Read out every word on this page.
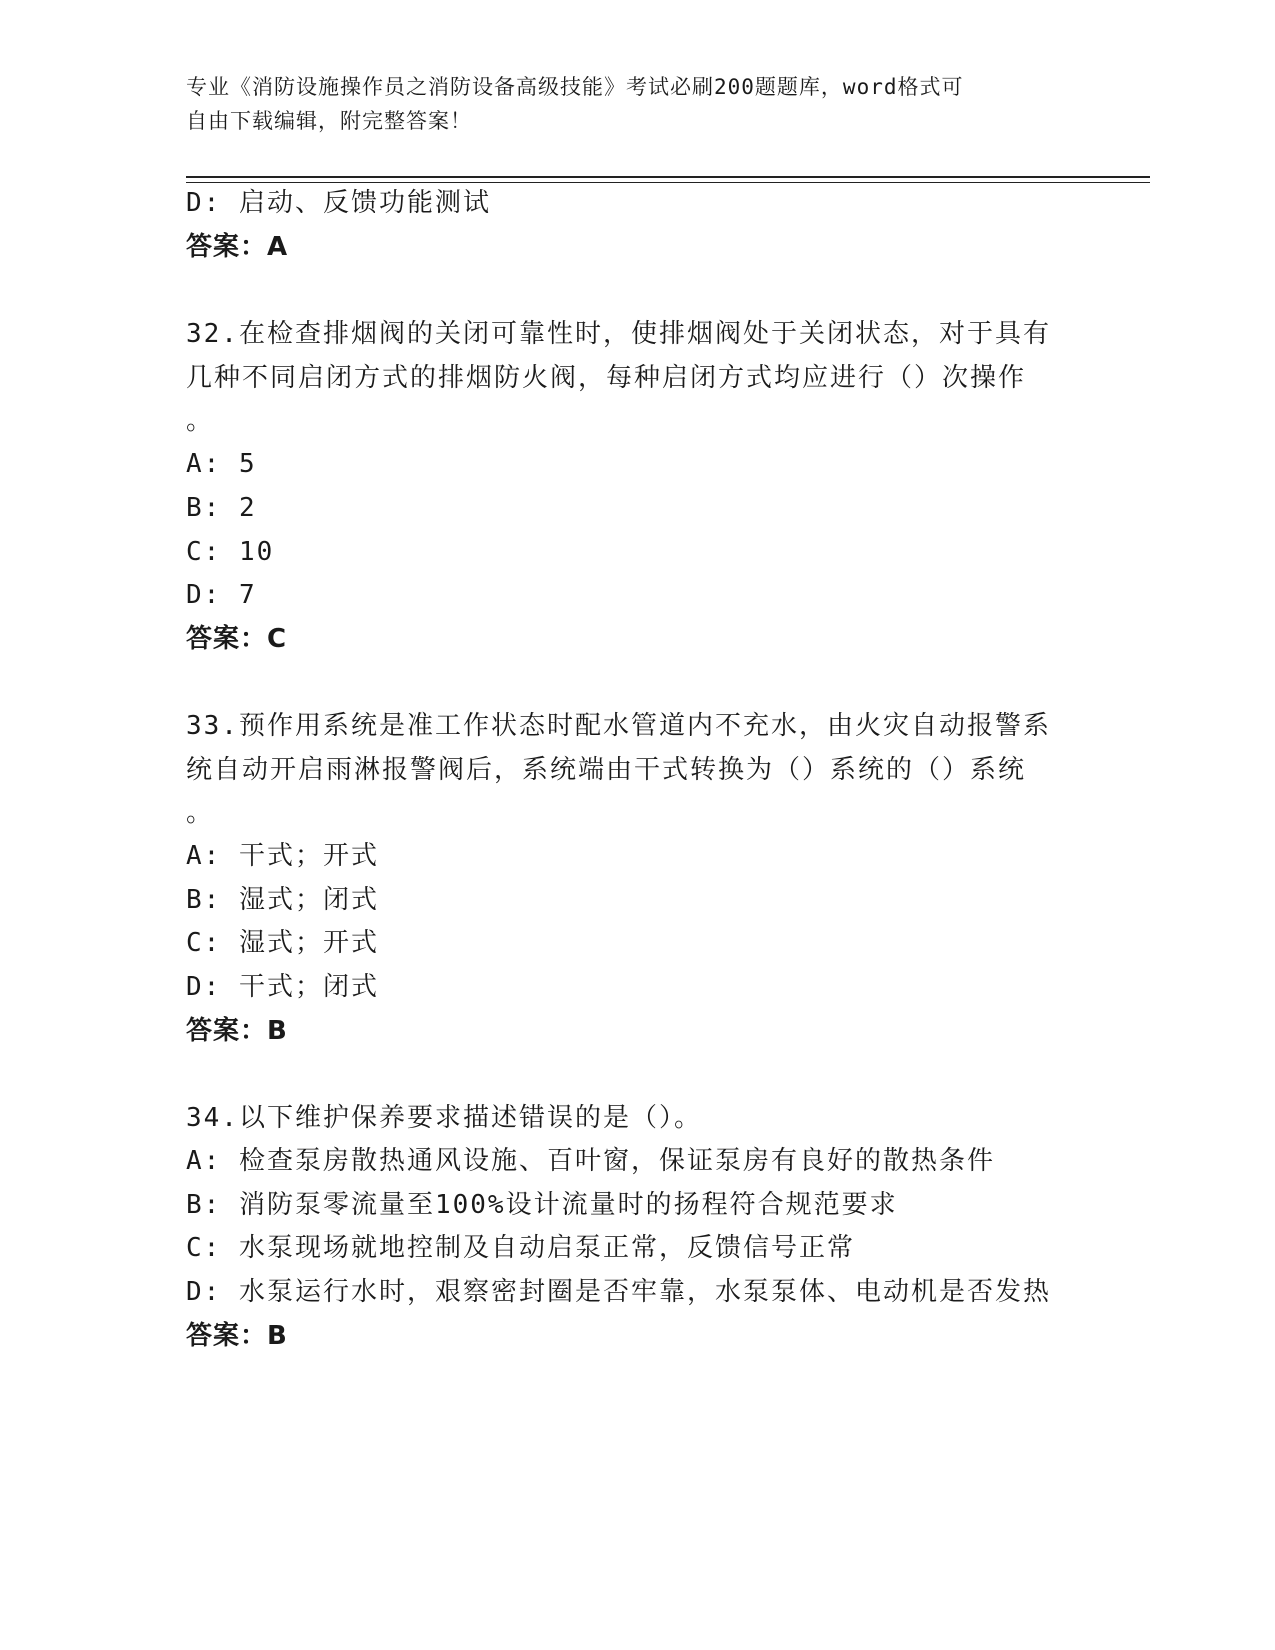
专业《消防设施操作员之消防设备高级技能》考试必刷200题题库，word格式可
自由下载编辑，附完整答案！
D: 启动、反馈功能测试
答案：A
32.在检查排烟阀的关闭可靠性时，使排烟阀处于关闭状态，对于具有
几种不同启闭方式的排烟防火阀，每种启闭方式均应进行（）次操作
。
A: 5
B: 2
C: 10
D: 7
答案：C
33.预作用系统是准工作状态时配水管道内不充水，由火灾自动报警系
统自动开启雨淋报警阀后，系统端由干式转换为（）系统的（）系统
。
A: 干式；开式
B: 湿式；闭式
C: 湿式；开式
D: 干式；闭式
答案：B
34.以下维护保养要求描述错误的是（）。
A: 检查泵房散热通风设施、百叶窗，保证泵房有良好的散热条件
B: 消防泵零流量至100%设计流量时的扬程符合规范要求
C: 水泵现场就地控制及自动启泵正常，反馈信号正常
D: 水泵运行水时，艰察密封圈是否牢靠，水泵泵体、电动机是否发热
答案：B
